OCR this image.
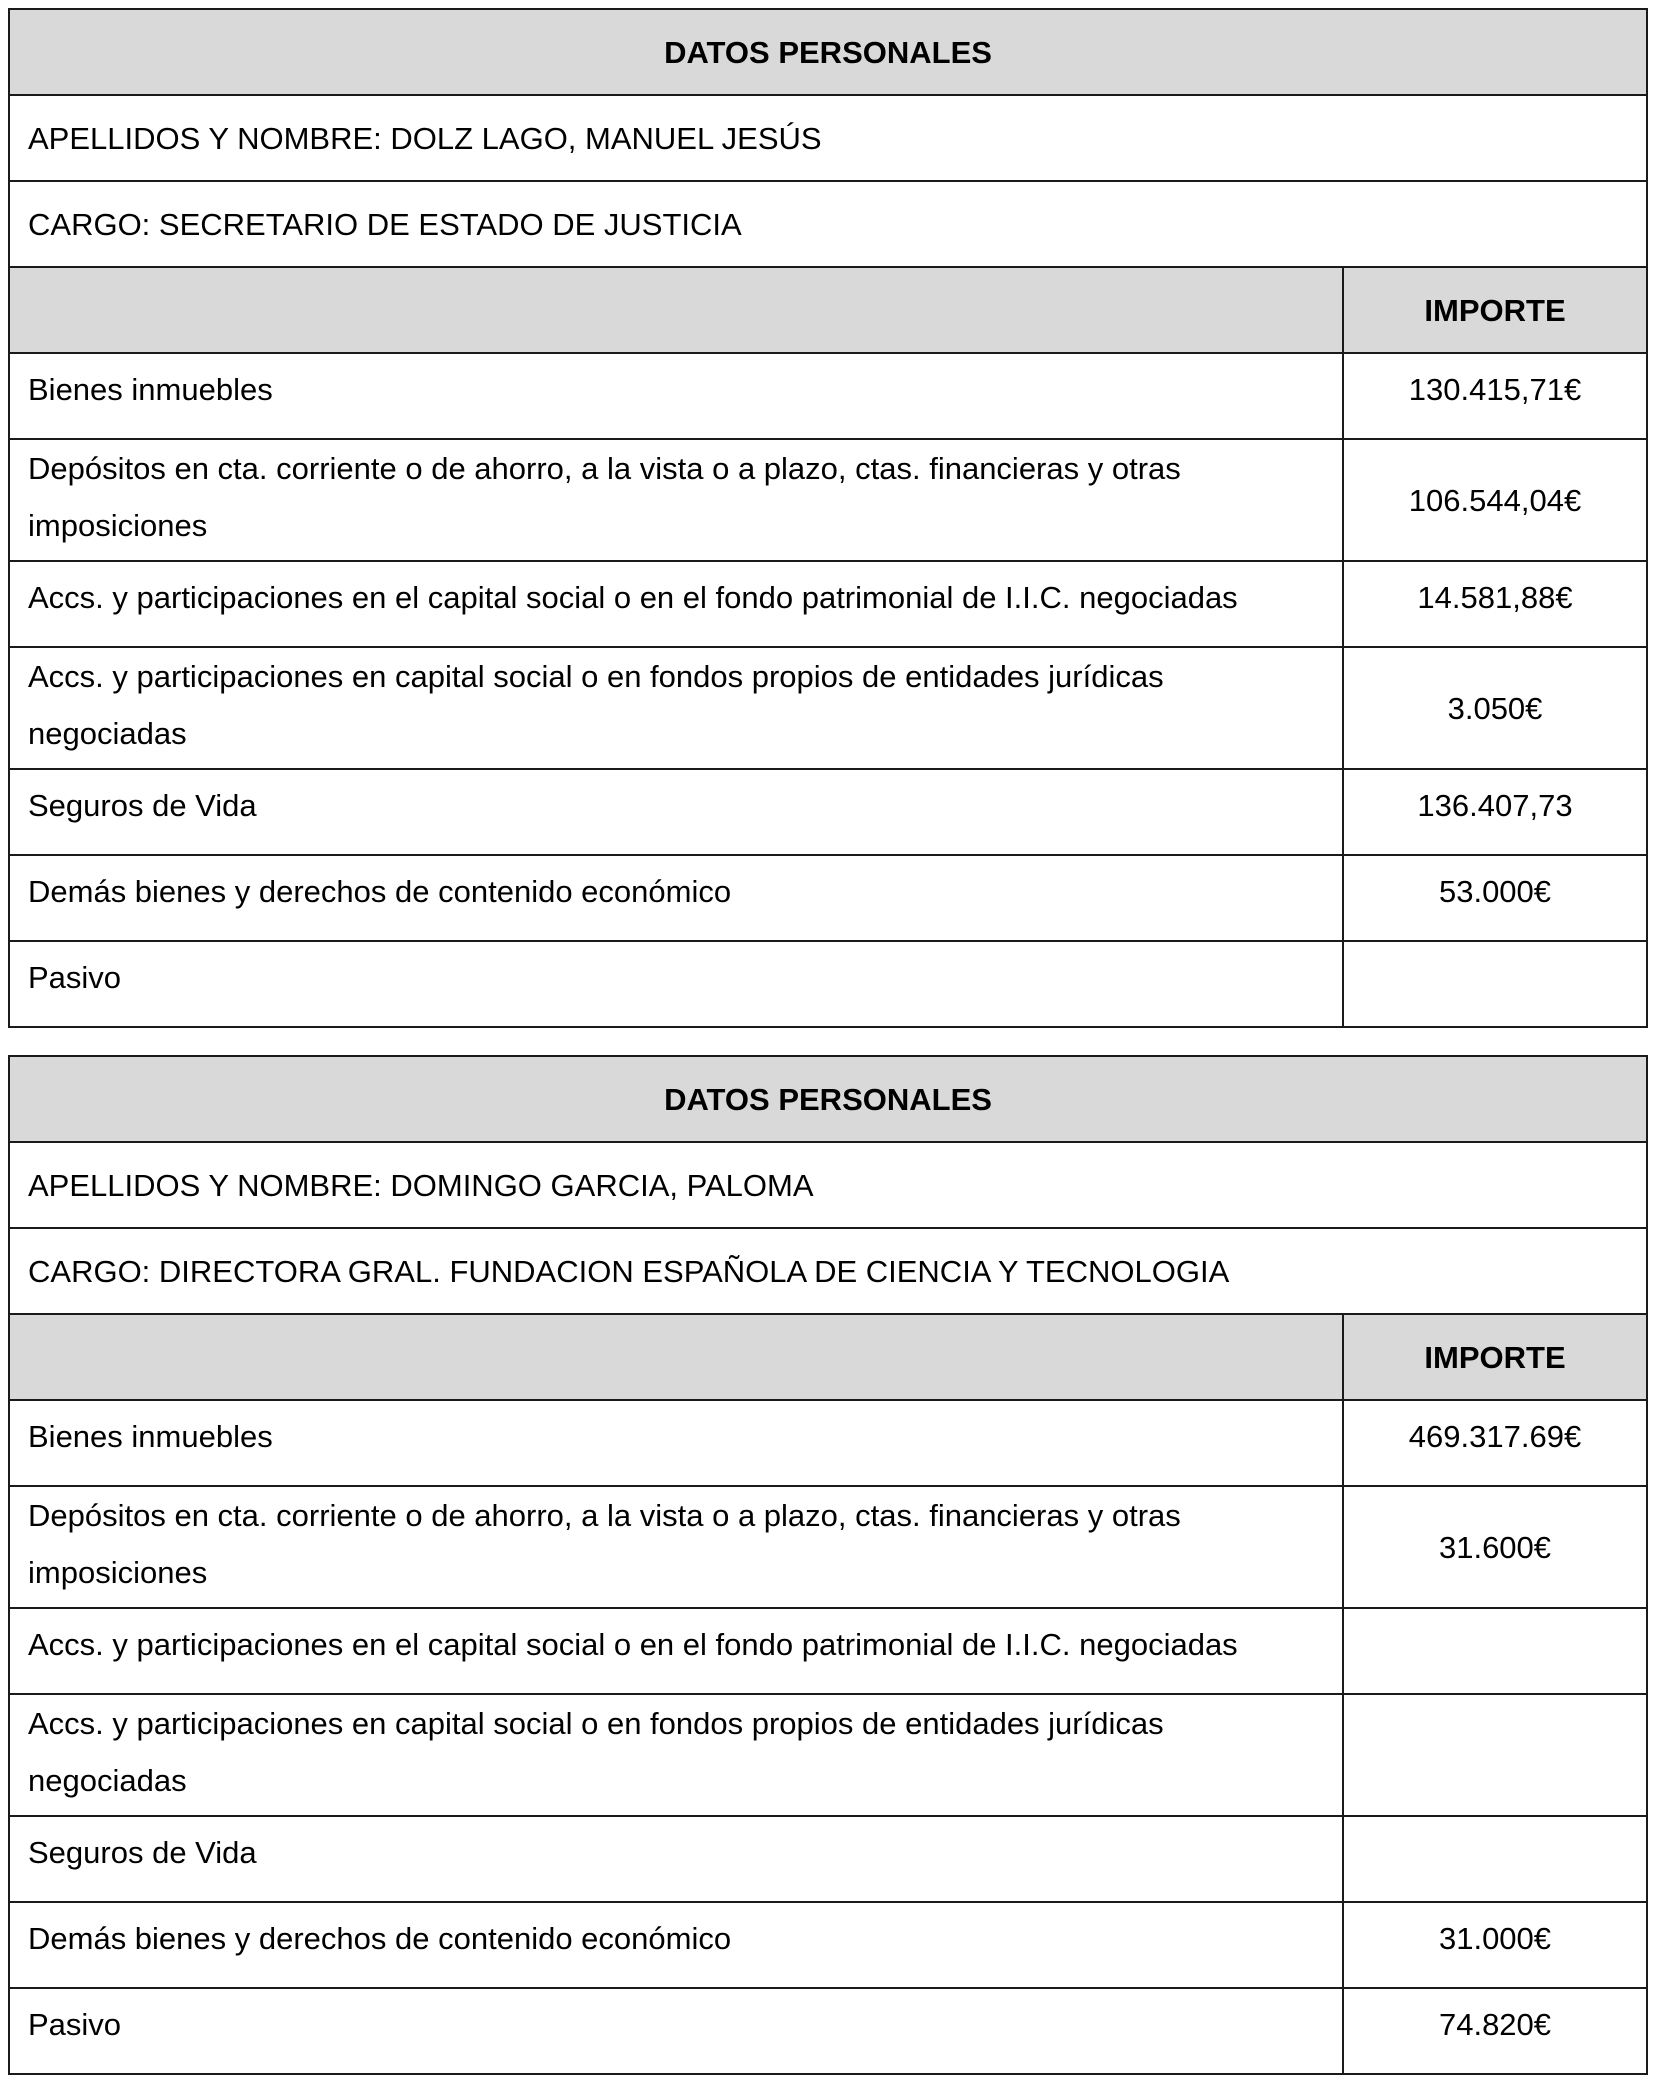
DATOS PERSONALES	
APELLIDOS Y NOMBRE: DOLZ LAGO, MANUEL JESÚS	
CARGO: SECRETARIO DE ESTADO DE JUSTICIA	
	IMPORTE
Bienes inmuebles	130.415,71€
Depósitos en cta. corriente o de ahorro, a la vista o a plazo, ctas. financieras y otras imposiciones	106.544,04€
Accs. y participaciones en el capital social o en el fondo patrimonial de I.I.C. negociadas	14.581,88€
Accs. y participaciones en capital social o en fondos propios de entidades jurídicas negociadas	3.050€
Seguros de Vida	136.407,73
Demás bienes y derechos de contenido económico	53.000€
Pasivo	
DATOS PERSONALES	
APELLIDOS Y NOMBRE: DOMINGO GARCIA, PALOMA	
CARGO: DIRECTORA GRAL. FUNDACION ESPAÑOLA DE CIENCIA Y TECNOLOGIA	
	IMPORTE
Bienes inmuebles	469.317.69€
Depósitos en cta. corriente o de ahorro, a la vista o a plazo, ctas. financieras y otras imposiciones	31.600€
Accs. y participaciones en el capital social o en el fondo patrimonial de I.I.C. negociadas	
Accs. y participaciones en capital social o en fondos propios de entidades jurídicas negociadas	
Seguros de Vida	
Demás bienes y derechos de contenido económico	31.000€
Pasivo	74.820€
